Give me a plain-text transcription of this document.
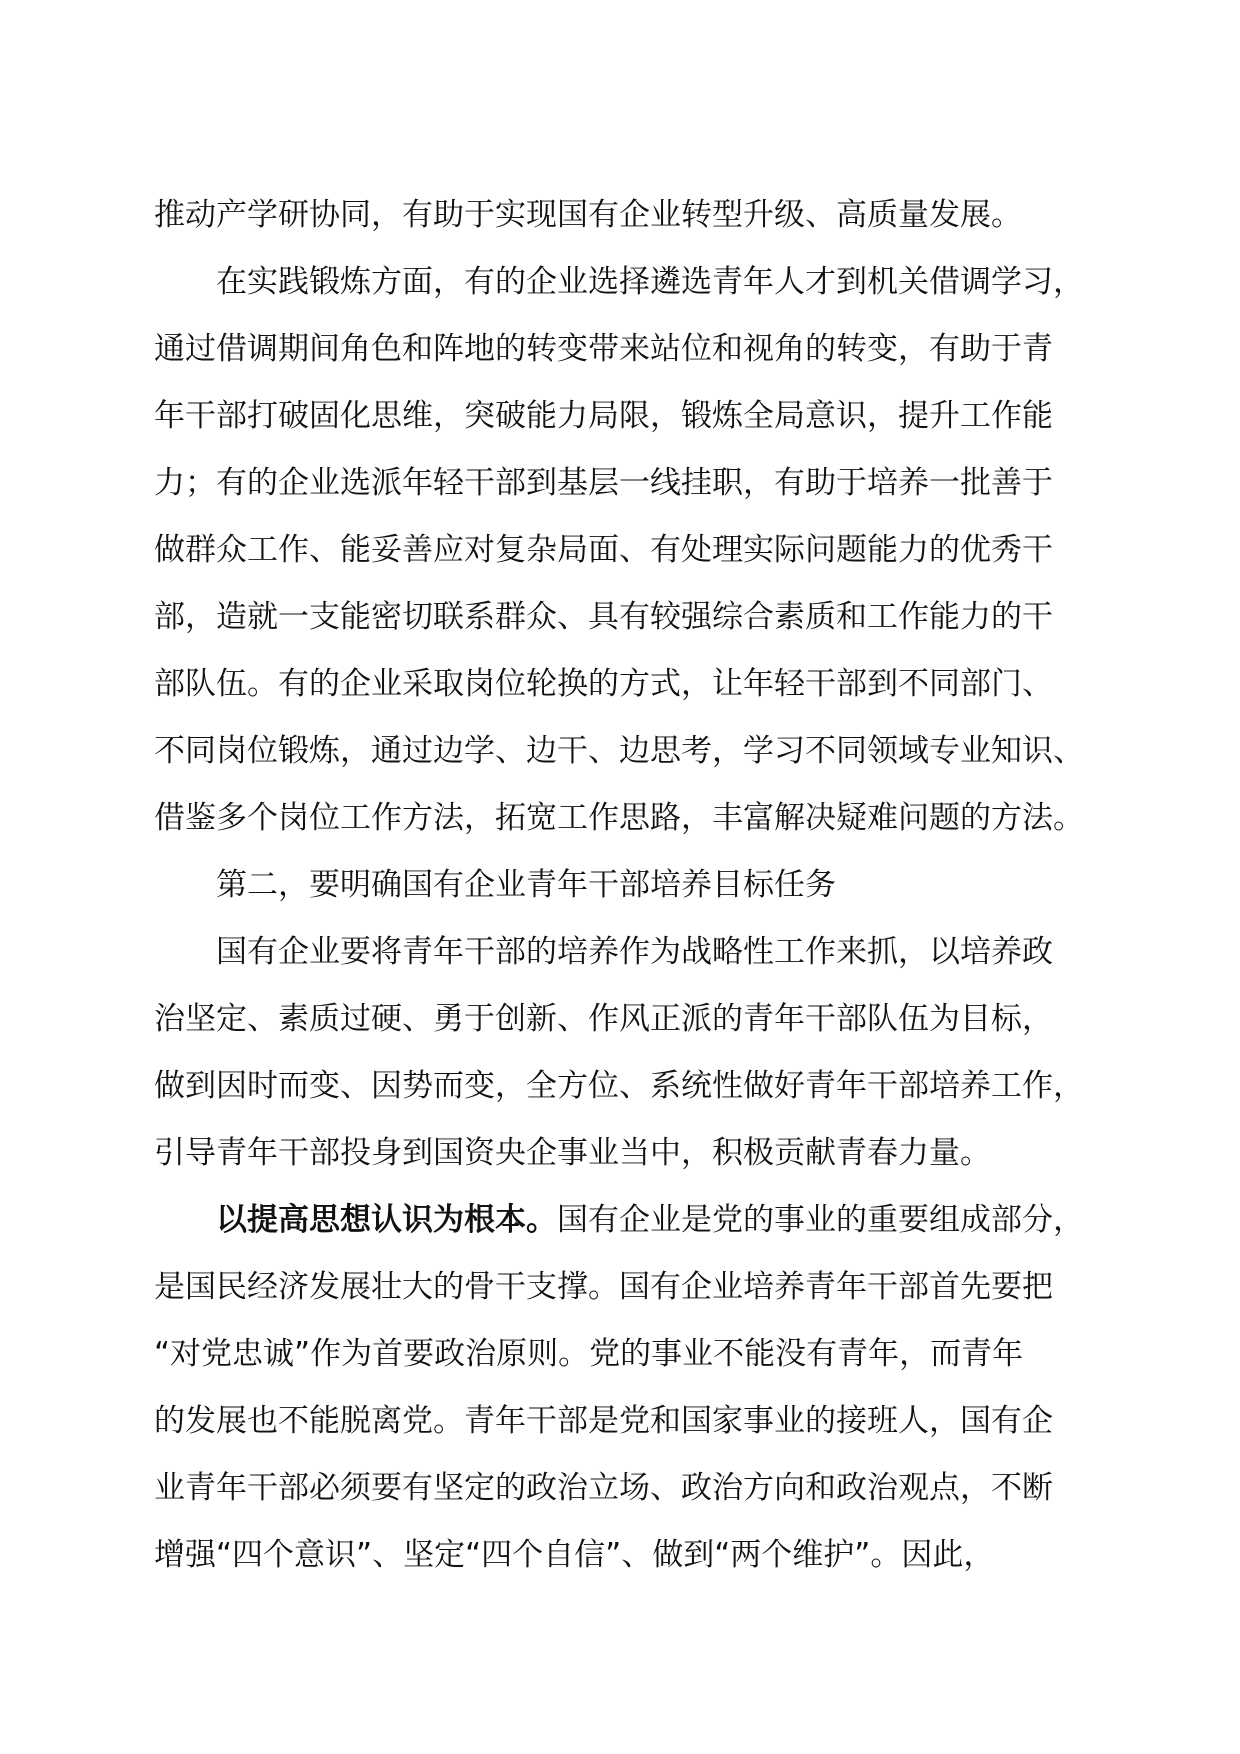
推动产学研协同，有助于实现国有企业转型升级、高质量发展。
在实践锻炼方面，有的企业选择遴选青年人才到机关借调学习，
通过借调期间角色和阵地的转变带来站位和视角的转变，有助于青
年干部打破固化思维，突破能力局限，锻炼全局意识，提升工作能
力；有的企业选派年轻干部到基层一线挂职，有助于培养一批善于
做群众工作、能妥善应对复杂局面、有处理实际问题能力的优秀干
部，造就一支能密切联系群众、具有较强综合素质和工作能力的干
部队伍。有的企业采取岗位轮换的方式，让年轻干部到不同部门、
不同岗位锻炼，通过边学、边干、边思考，学习不同领域专业知识、
借鉴多个岗位工作方法，拓宽工作思路，丰富解决疑难问题的方法。
第二，要明确国有企业青年干部培养目标任务
国有企业要将青年干部的培养作为战略性工作来抓，以培养政
治坚定、素质过硬、勇于创新、作风正派的青年干部队伍为目标，
做到因时而变、因势而变，全方位、系统性做好青年干部培养工作，
引导青年干部投身到国资央企事业当中，积极贡献青春力量。
以提高思想认识为根本。国有企业是党的事业的重要组成部分，
是国民经济发展壮大的骨干支撑。国有企业培养青年干部首先要把
“对党忠诚”作为首要政治原则。党的事业不能没有青年，而青年
的发展也不能脱离党。青年干部是党和国家事业的接班人，国有企
业青年干部必须要有坚定的政治立场、政治方向和政治观点，不断
增强“四个意识”、坚定“四个自信”、做到“两个维护”。因此，
